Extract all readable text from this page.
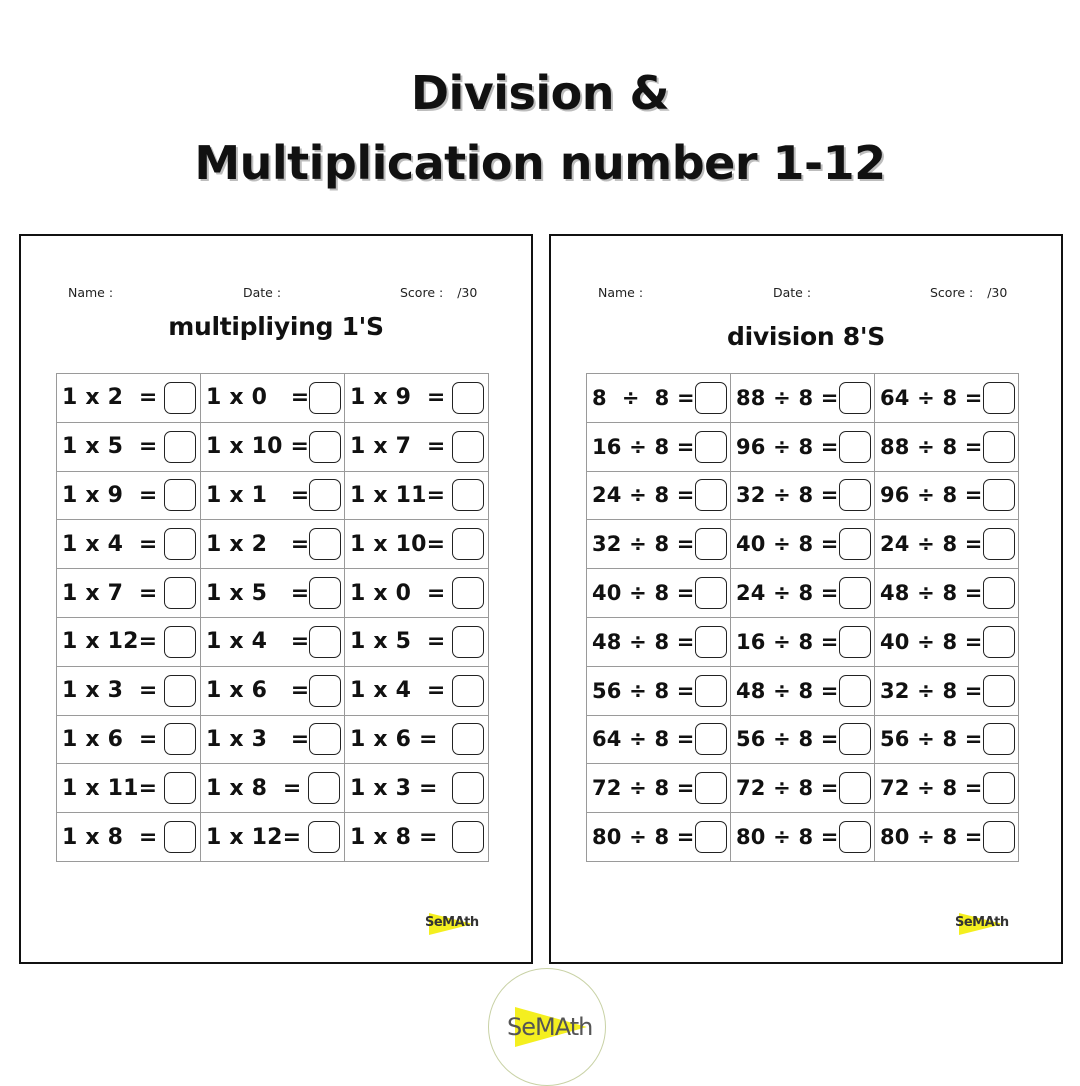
Division &
Multiplication number 1-12
Name :	Date :	Score : /30
multipliying 1'S
1 x 2  =	1 x 0   =	1 x 9  =

1 x 5  =	1 x 10 =	1 x 7  =

1 x 9  =	1 x 1   =	1 x 11=

1 x 4  =	1 x 2   =	1 x 10=

1 x 7  =	1 x 5   =	1 x 0  =

1 x 12=	1 x 4   =	1 x 5  =

1 x 3  =	1 x 6   =	1 x 4  =

1 x 6  =	1 x 3   =	1 x 6 =

1 x 11=	1 x 8  =	1 x 3 =

1 x 8  =	1 x 12=	1 x 8 =
SeMAth
Name :	Date :	Score : /30
division 8'S
8  ÷  8 =	88 ÷ 8 =	64 ÷ 8 =

16 ÷ 8 =	96 ÷ 8 =	88 ÷ 8 =

24 ÷ 8 =	32 ÷ 8 =	96 ÷ 8 =

32 ÷ 8 =	40 ÷ 8 =	24 ÷ 8 =

40 ÷ 8 =	24 ÷ 8 =	48 ÷ 8 =

48 ÷ 8 =	16 ÷ 8 =	40 ÷ 8 =

56 ÷ 8 =	48 ÷ 8 =	32 ÷ 8 =

64 ÷ 8 =	56 ÷ 8 =	56 ÷ 8 =

72 ÷ 8 =	72 ÷ 8 =	72 ÷ 8 =

80 ÷ 8 =	80 ÷ 8 =	80 ÷ 8 =
SeMAth
SeMAth
